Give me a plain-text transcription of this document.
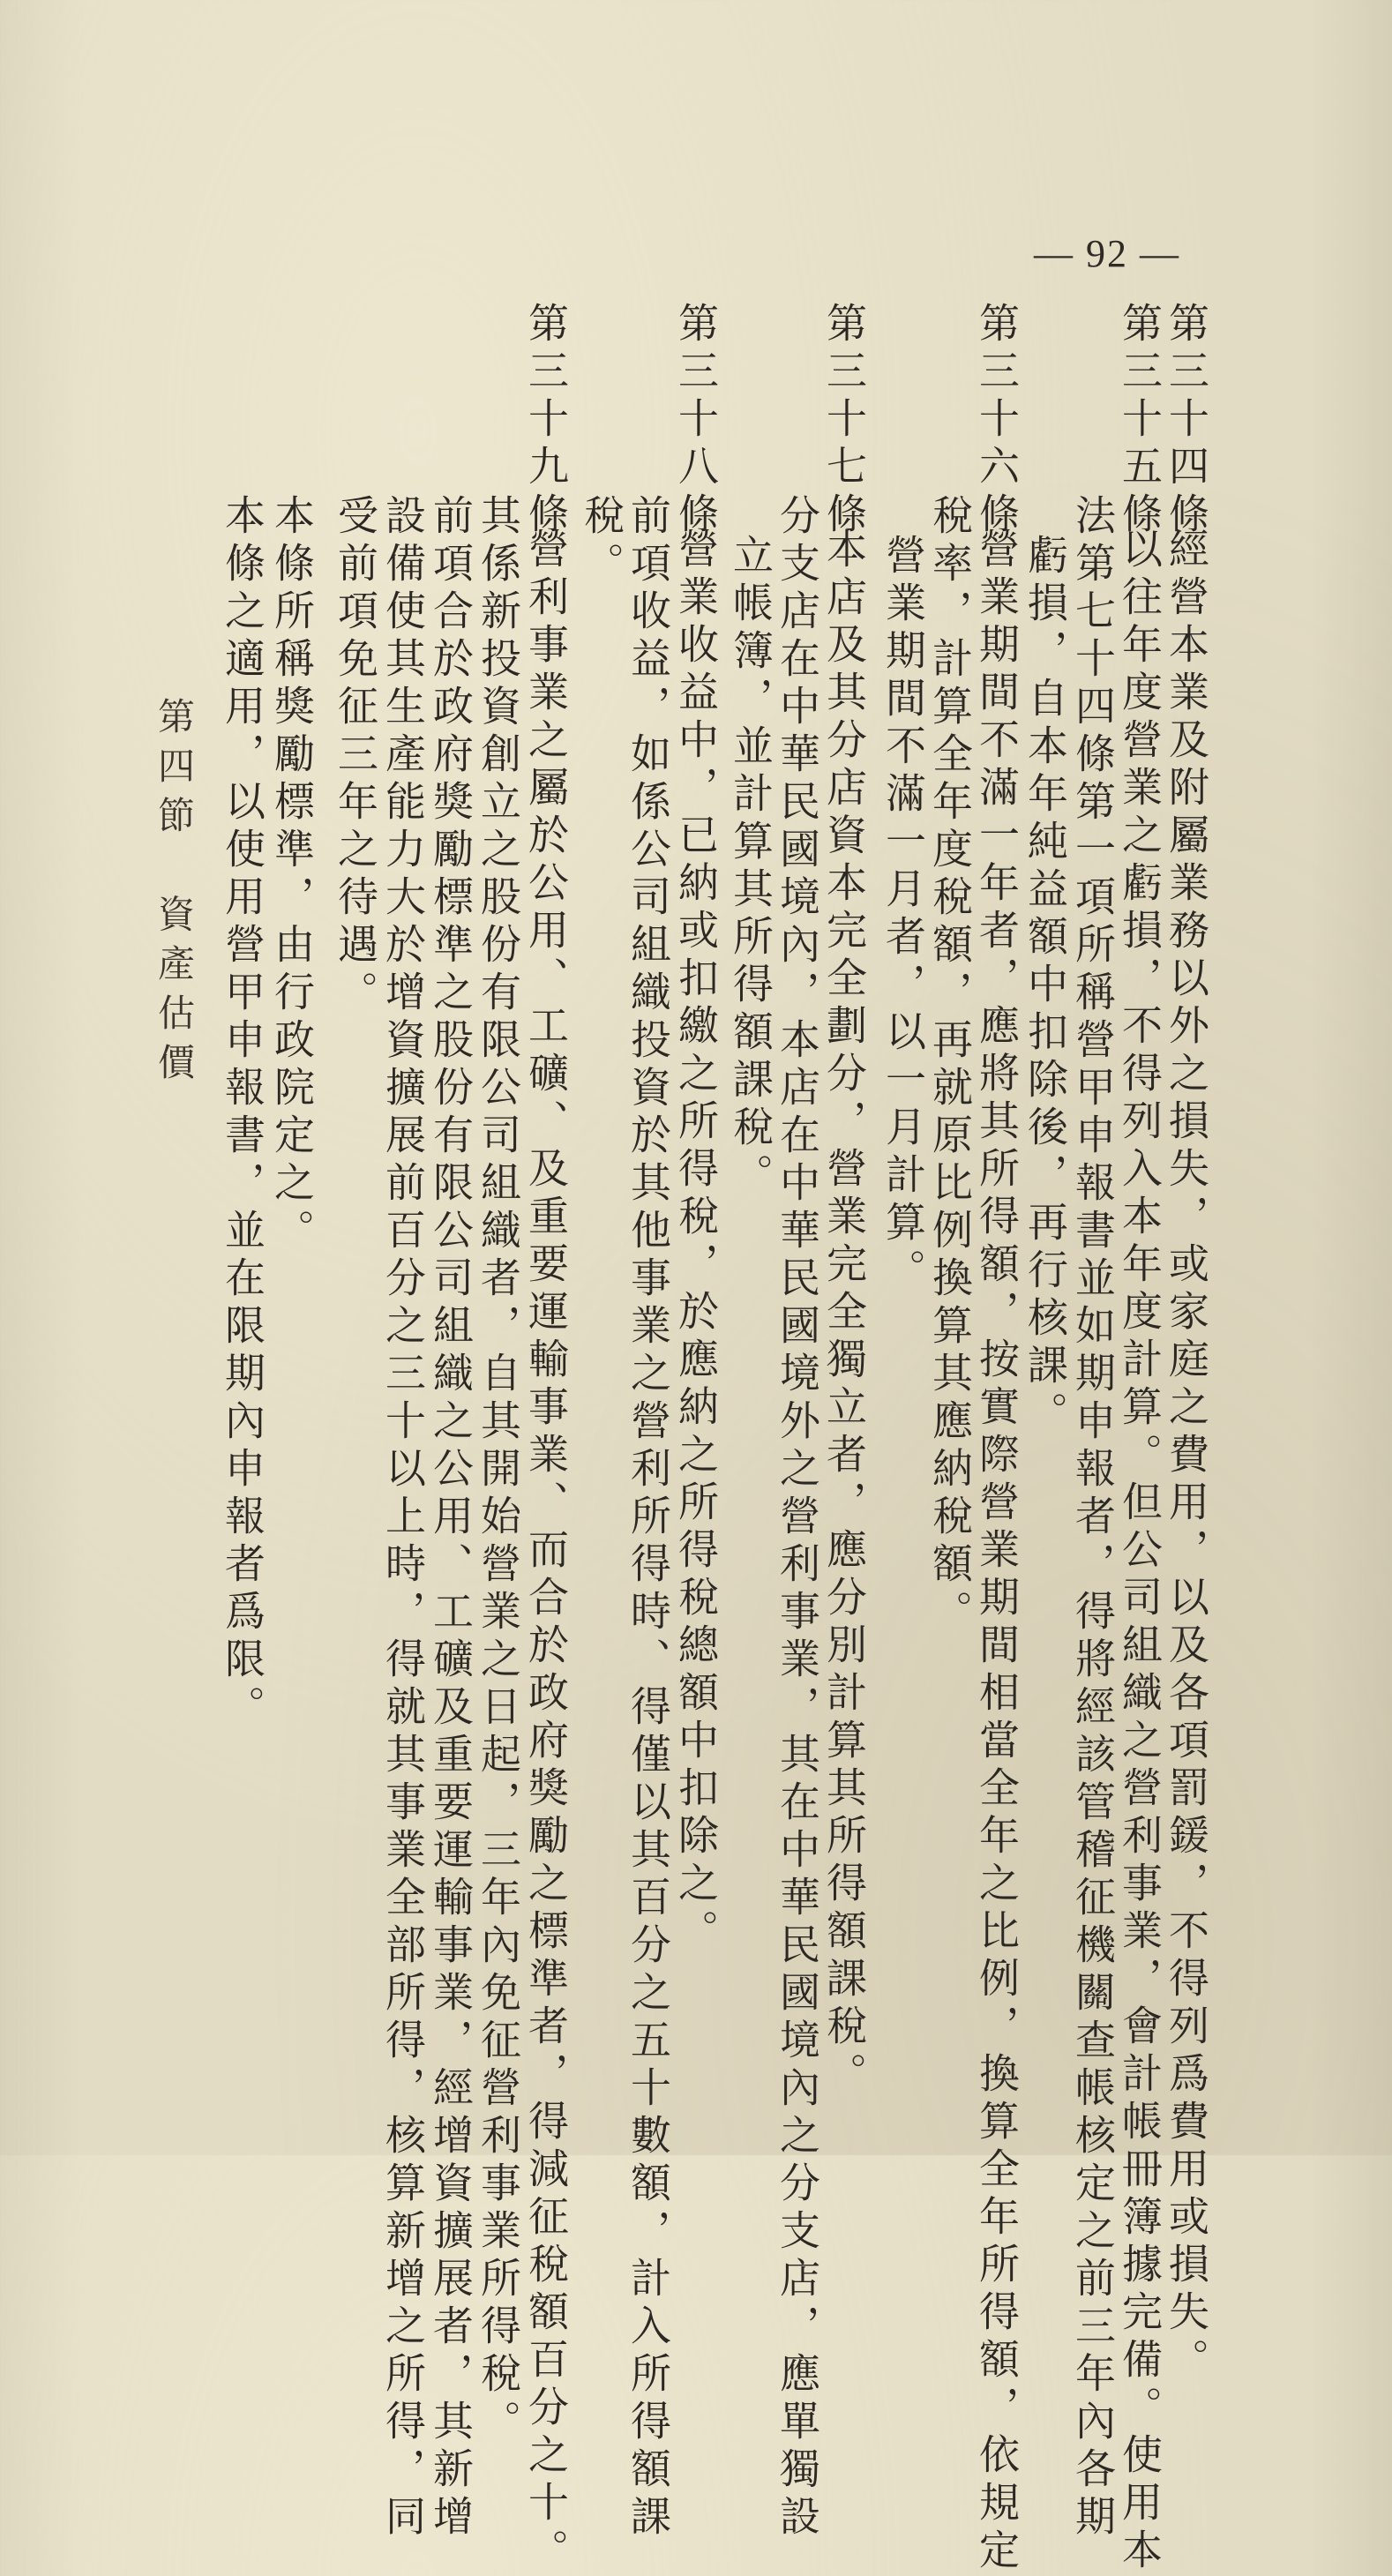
— 92 —
第三十四條
經營本業及附屬業務以外之損失，或家庭之費用，以及各項罰鍰，不得列爲費用或損失。
第三十五條
以往年度營業之虧損，不得列入本年度計算。但公司組織之營利事業，會計帳冊簿據完備。使用本
法第七十四條第一項所稱營甲申報書並如期申報者，得將經該管稽征機關查帳核定之前三年內各期
虧損，自本年純益額中扣除後，再行核課。
第三十六條
營業期間不滿一年者，應將其所得額，按實際營業期間相當全年之比例，換算全年所得額，依規定
稅率，計算全年度稅額，再就原比例換算其應納稅額。
營業期間不滿一月者，以一月計算。
第三十七條
本店及其分店資本完全劃分，營業完全獨立者，應分別計算其所得額課稅。
分支店在中華民國境內，本店在中華民國境外之營利事業，其在中華民國境內之分支店，應單獨設
立帳簿，並計算其所得額課稅。
第三十八條
營業收益中，已納或扣繳之所得稅，於應納之所得稅總額中扣除之。
前項收益，如係公司組織投資於其他事業之營利所得時、得僅以其百分之五十數額，計入所得額課
稅。
第三十九條
營利事業之屬於公用、工礦、及重要運輸事業、而合於政府獎勵之標準者，得減征稅額百分之十。
其係新投資創立之股份有限公司組織者，自其開始營業之日起，三年內免征營利事業所得稅。
前項合於政府獎勵標準之股份有限公司組織之公用、工礦及重要運輸事業，經增資擴展者，其新增
設備使其生產能力大於增資擴展前百分之三十以上時，得就其事業全部所得，核算新增之所得，同
受前項免征三年之待遇。
本條所稱獎勵標準，由行政院定之。
本條之適用，以使用營甲申報書，並在限期內申報者爲限。
第四節　資產估價
